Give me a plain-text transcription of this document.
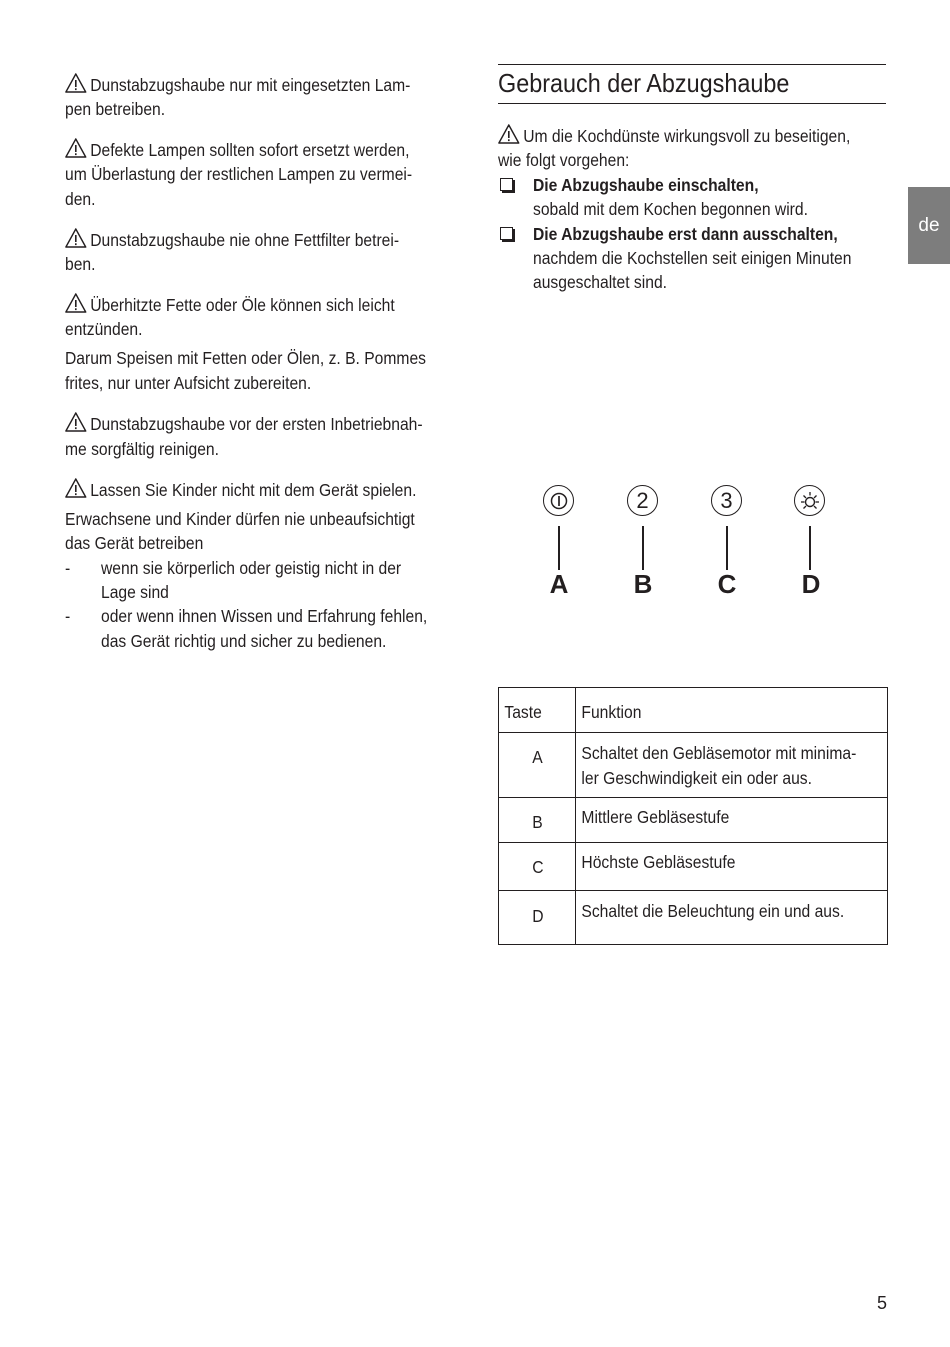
Dunstabzugshaube nur mit eingesetzten Lam-

pen betreiben.

Defekte Lampen sollten sofort ersetzt werden,

um Überlastung der restlichen Lampen zu vermei-

den.

Dunstabzugshaube nie ohne Fettfilter betrei-

ben.

Überhitzte Fette oder Öle können sich leicht

entzünden.

Darum Speisen mit Fetten oder Ölen, z. B. Pommes

frites, nur unter Aufsicht zubereiten.

Dunstabzugshaube vor der ersten Inbetriebnah-

me sorgfältig reinigen.

Lassen Sie Kinder nicht mit dem Gerät spielen.

Erwachsene und Kinder dürfen nie unbeaufsichtigt

das Gerät betreiben

- wenn sie körperlich oder geistig nicht in der

Lage sind

- oder wenn ihnen Wissen und Erfahrung fehlen,

das Gerät richtig und sicher zu bedienen.

Gebrauch der Abzugshaube

Um die Kochdünste wirkungsvoll zu beseitigen,

wie folgt vorgehen:

Die Abzugshaube einschalten,

sobald mit dem Kochen begonnen wird.

Die Abzugshaube erst dann ausschalten,

nachdem die Kochstellen seit einigen Minuten

ausgeschaltet sind.

de
2	3
A	B	C	D
Taste	Funktion

A	Schaltet den Gebläsemotor mit minima-
ler Geschwindigkeit ein oder aus.

B	Mittlere Gebläsestufe

C	Höchste Gebläsestufe

D	Schaltet die Beleuchtung ein und aus.
5
